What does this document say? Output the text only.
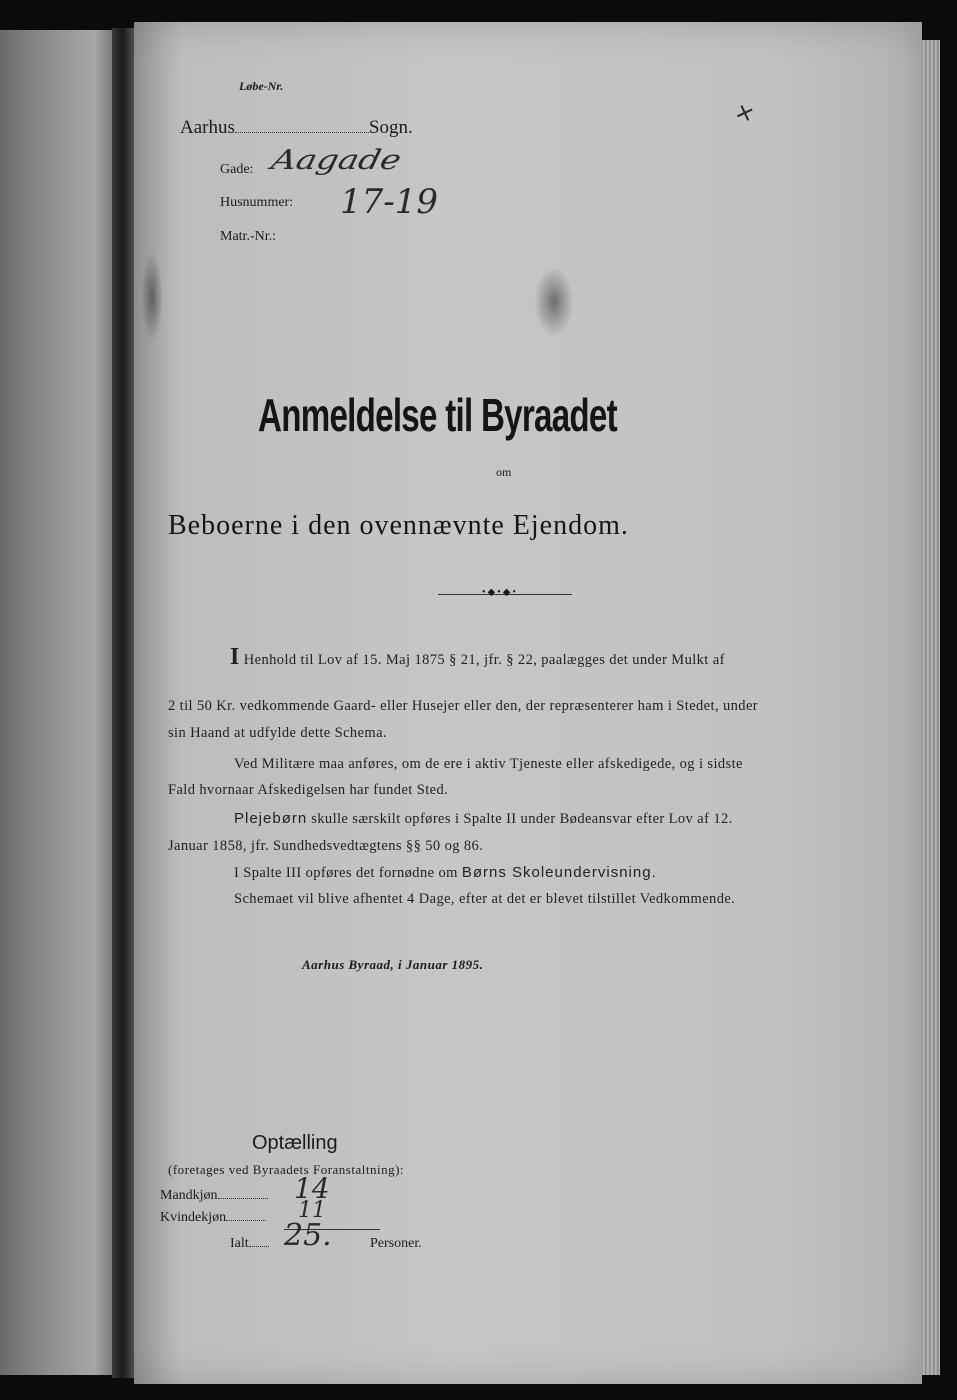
Løbe-Nr.
+
Aarhus	Sogn.
Gade: Aagade
Husnummer: 17-19
Matr.-Nr.:
Anmeldelse til Byraadet
om
Beboerne i den ovennævnte Ejendom.
•◆•◆•
I Henhold til Lov af 15. Maj 1875 § 21, jfr. § 22, paalægges det under Mulkt af
2 til 50 Kr. vedkommende Gaard- eller Husejer eller den, der repræsenterer ham i Stedet, under
sin Haand at udfylde dette Schema.
Ved Militære maa anføres, om de ere i aktiv Tjeneste eller afskedigede, og i sidste
Fald hvornaar Afskedigelsen har fundet Sted.
Plejebørn skulle særskilt opføres i Spalte II under Bødeansvar efter Lov af 12.
Januar 1858, jfr. Sundhedsvedtægtens §§ 50 og 86.
I Spalte III opføres det fornødne om Børns Skoleundervisning.
Schemaet vil blive afhentet 4 Dage, efter at det er blevet tilstillet Vedkommende.
Aarhus Byraad, i Januar 1895.
Optælling
(foretages ved Byraadets Foranstaltning):
Mandkjøn	14
Kvindekjøn	11
Ialt	25.	Personer.
